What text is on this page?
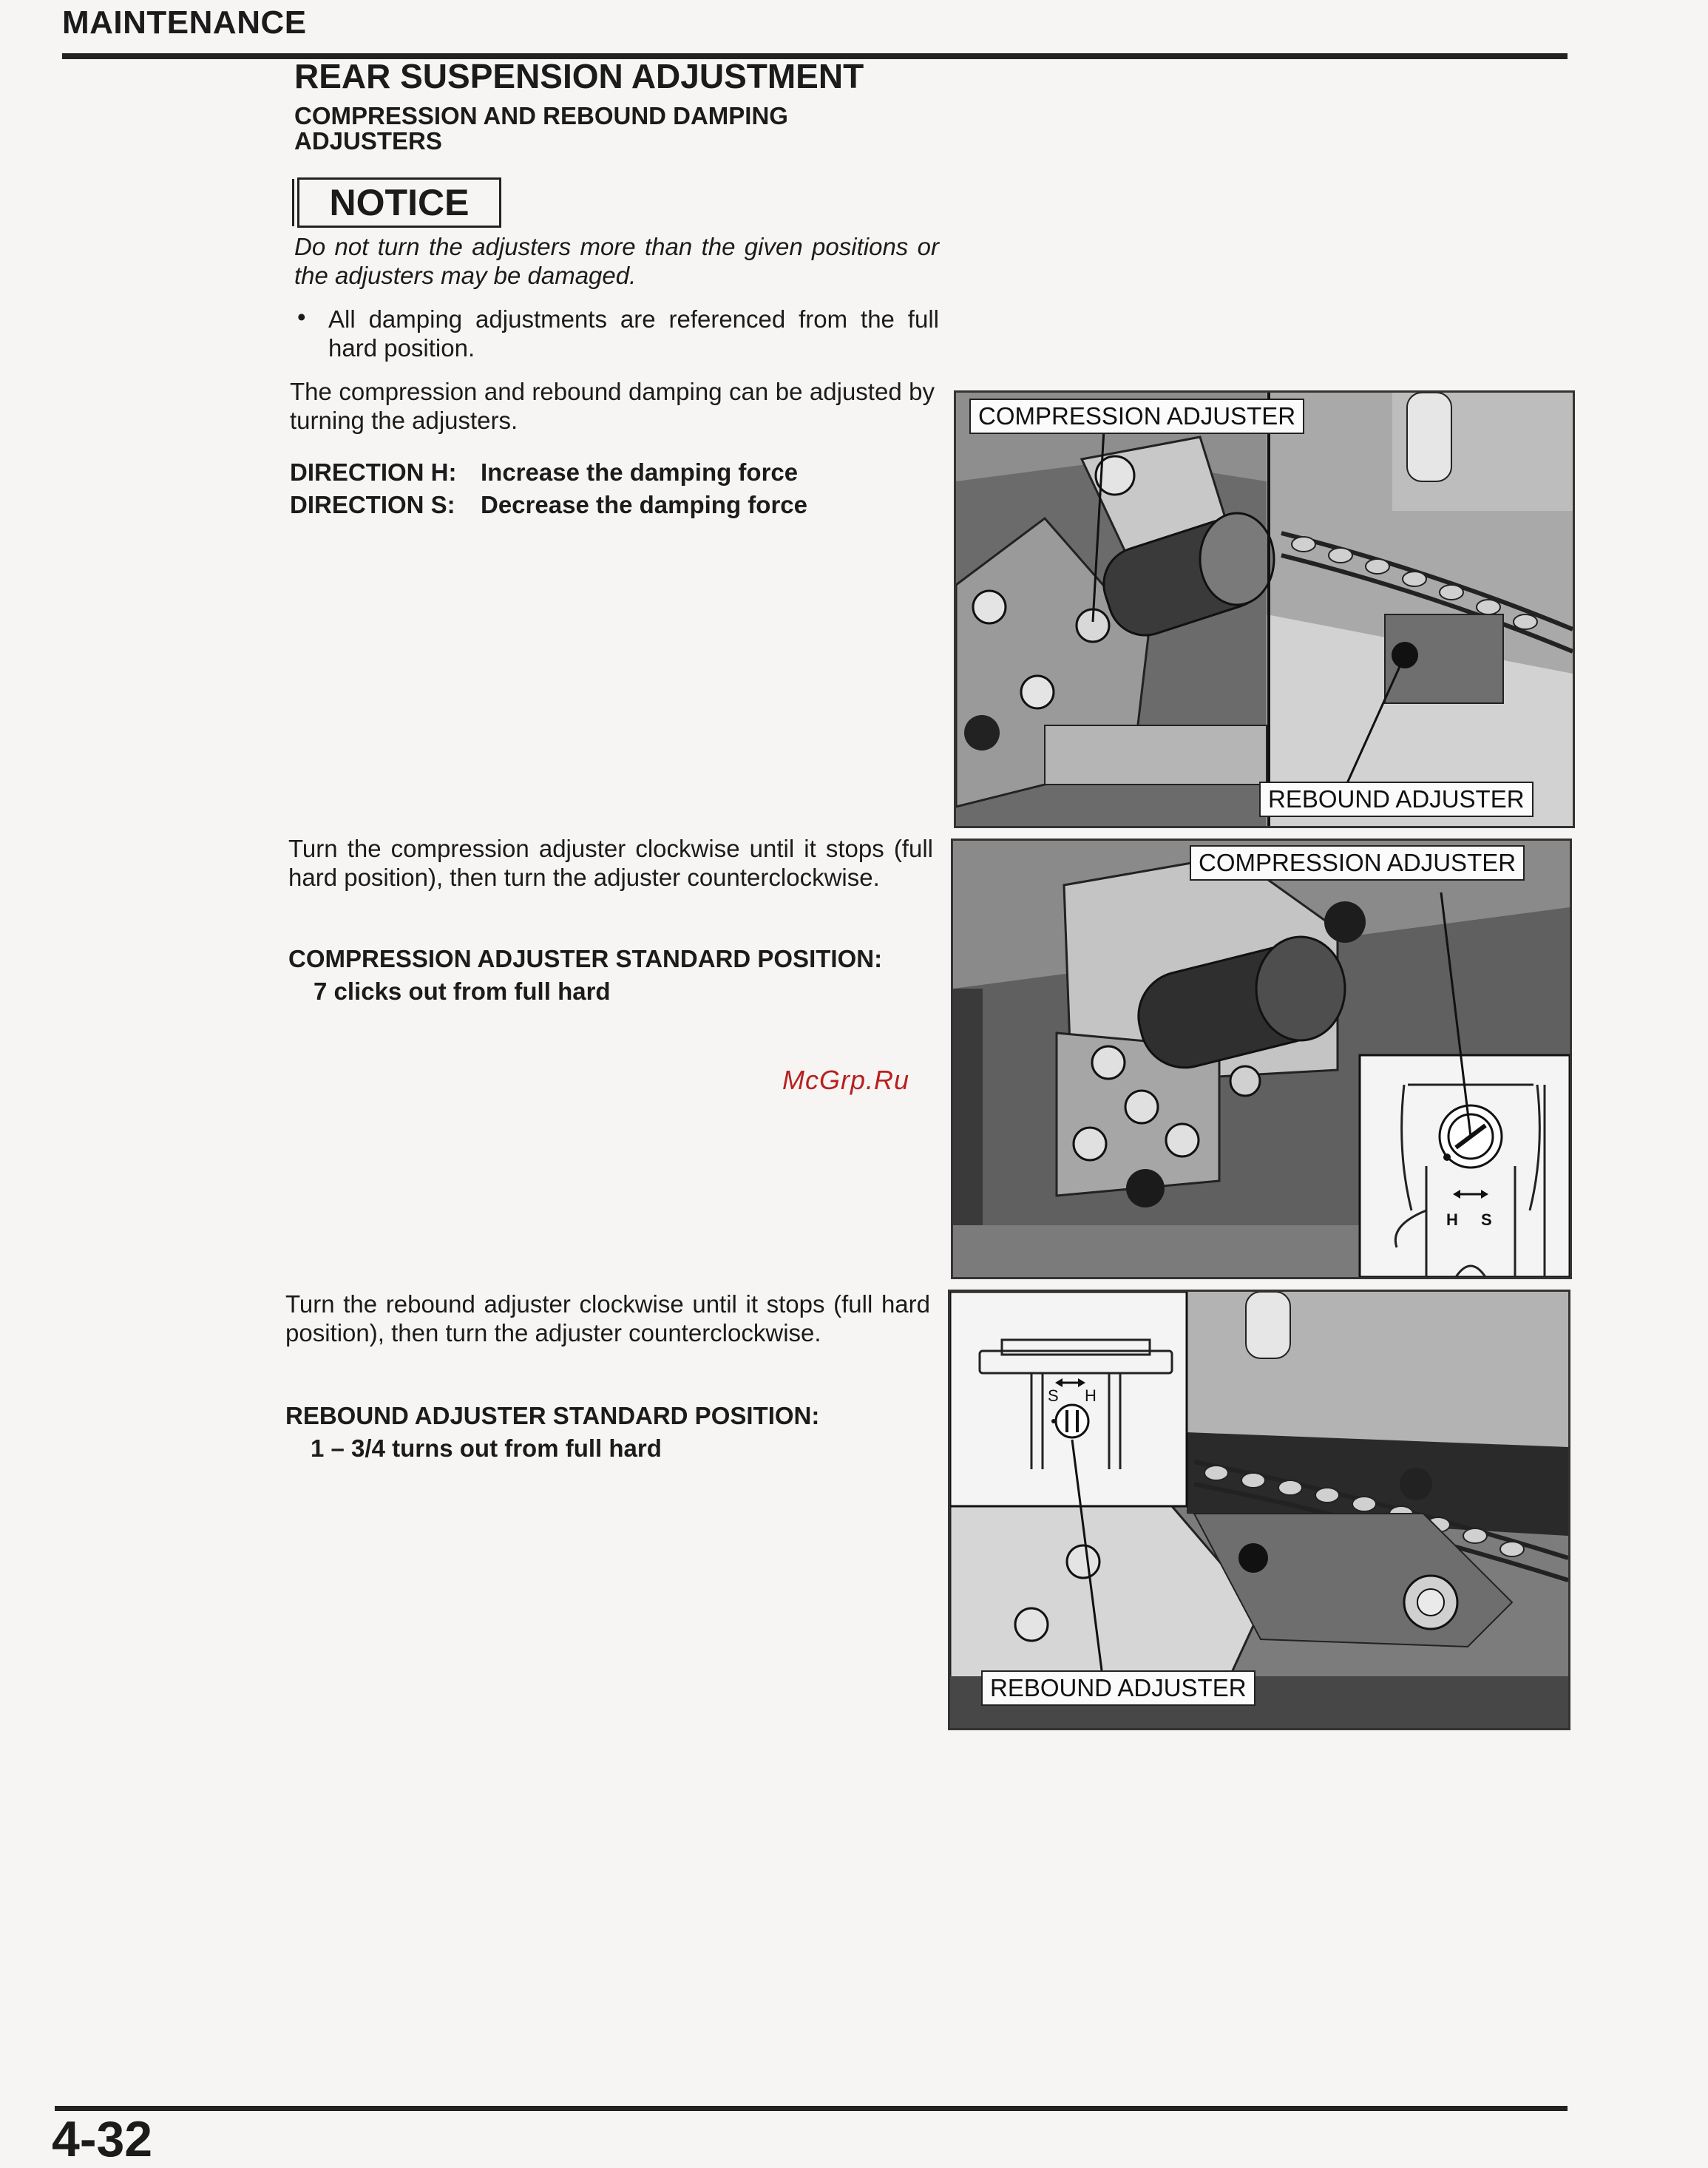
MAINTENANCE
REAR SUSPENSION ADJUSTMENT
COMPRESSION AND REBOUND DAMPING ADJUSTERS
NOTICE
Do not turn the adjusters more than the given positions or the adjusters may be damaged.
• All damping adjustments are referenced from the full hard position.
The compression and rebound damping can be adjusted by turning the adjusters.
DIRECTION H: Increase the damping force
DIRECTION S: Decrease the damping force
Turn the compression adjuster clockwise until it stops (full hard position), then turn the adjuster counterclockwise.
COMPRESSION ADJUSTER STANDARD POSITION:
7 clicks out from full hard
McGrp.Ru
Turn the rebound adjuster clockwise until it stops (full hard position), then turn the adjuster counterclockwise.
REBOUND ADJUSTER STANDARD POSITION:
1 – 3/4 turns out from full hard
COMPRESSION ADJUSTER
REBOUND ADJUSTER
H S
COMPRESSION ADJUSTER
S H
REBOUND ADJUSTER
4-32
